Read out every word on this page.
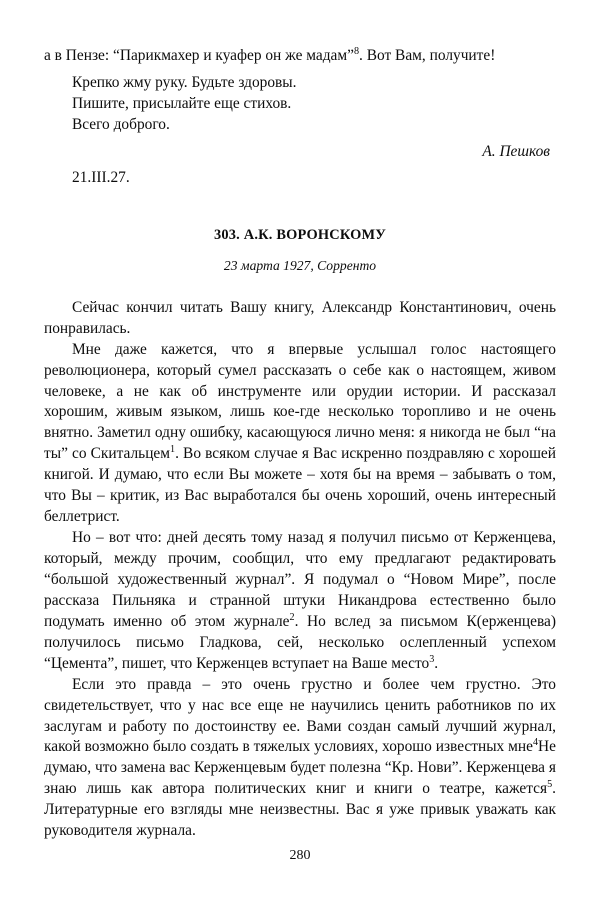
а в Пензе: “Парикмахер и куафер он же мадам”$^8$. Вот Вам, получите!

Крепко жму руку. Будьте здоровы.
Пишите, присылайте еще стихов.
Всего доброго.
А. Пешков
21.III.27.
303. А.К. ВОРОНСКОМУ
23 марта 1927, Сорренто

Сейчас кончил читать Вашу книгу, Александр Константинович, очень понравилась.

Мне даже кажется, что я впервые услышал голос настоящего революционера, который сумел рассказать о себе как о настоящем, живом человеке, а не как об инструменте или орудии истории. И рассказал хорошим, живым языком, лишь кое-где несколько торопливо и не очень внятно. Заметил одну ошибку, касающуюся лично меня: я никогда не был “на ты” со Скитальцем$^1$. Во всяком случае я Вас искренно поздравляю с хорошей книгой. И думаю, что если Вы можете – хотя бы на время – забывать о том, что Вы – критик, из Вас выработался бы очень хороший, очень интересный беллетрист.

Но – вот что: дней десять тому назад я получил письмо от Керженцева, который, между прочим, сообщил, что ему предлагают редактировать “большой художественный журнал”. Я подумал о “Новом Мире”, после рассказа Пильняка и странной штуки Никандрова естественно было подумать именно об этом журнале$^2$. Но вслед за письмом К(ерженцева) получилось письмо Гладкова, сей, несколько ослепленный успехом “Цемента”, пишет, что Керженцев вступает на Ваше место$^3$.

Если это правда – это очень грустно и более чем грустно. Это свидетельствует, что у нас все еще не научились ценить работников по их заслугам и работу по достоинству ее. Вами создан самый лучший журнал, какой возможно было создать в тяжелых условиях, хорошо известных мне$^4$Не думаю, что замена вас Керженцевым будет полезна “Кр. Нови”. Керженцева я знаю лишь как автора политических книг и книги о театре, кажется$^5$. Литературные его взгляды мне неизвестны. Вас я уже привык уважать как руководителя журнала.

280
